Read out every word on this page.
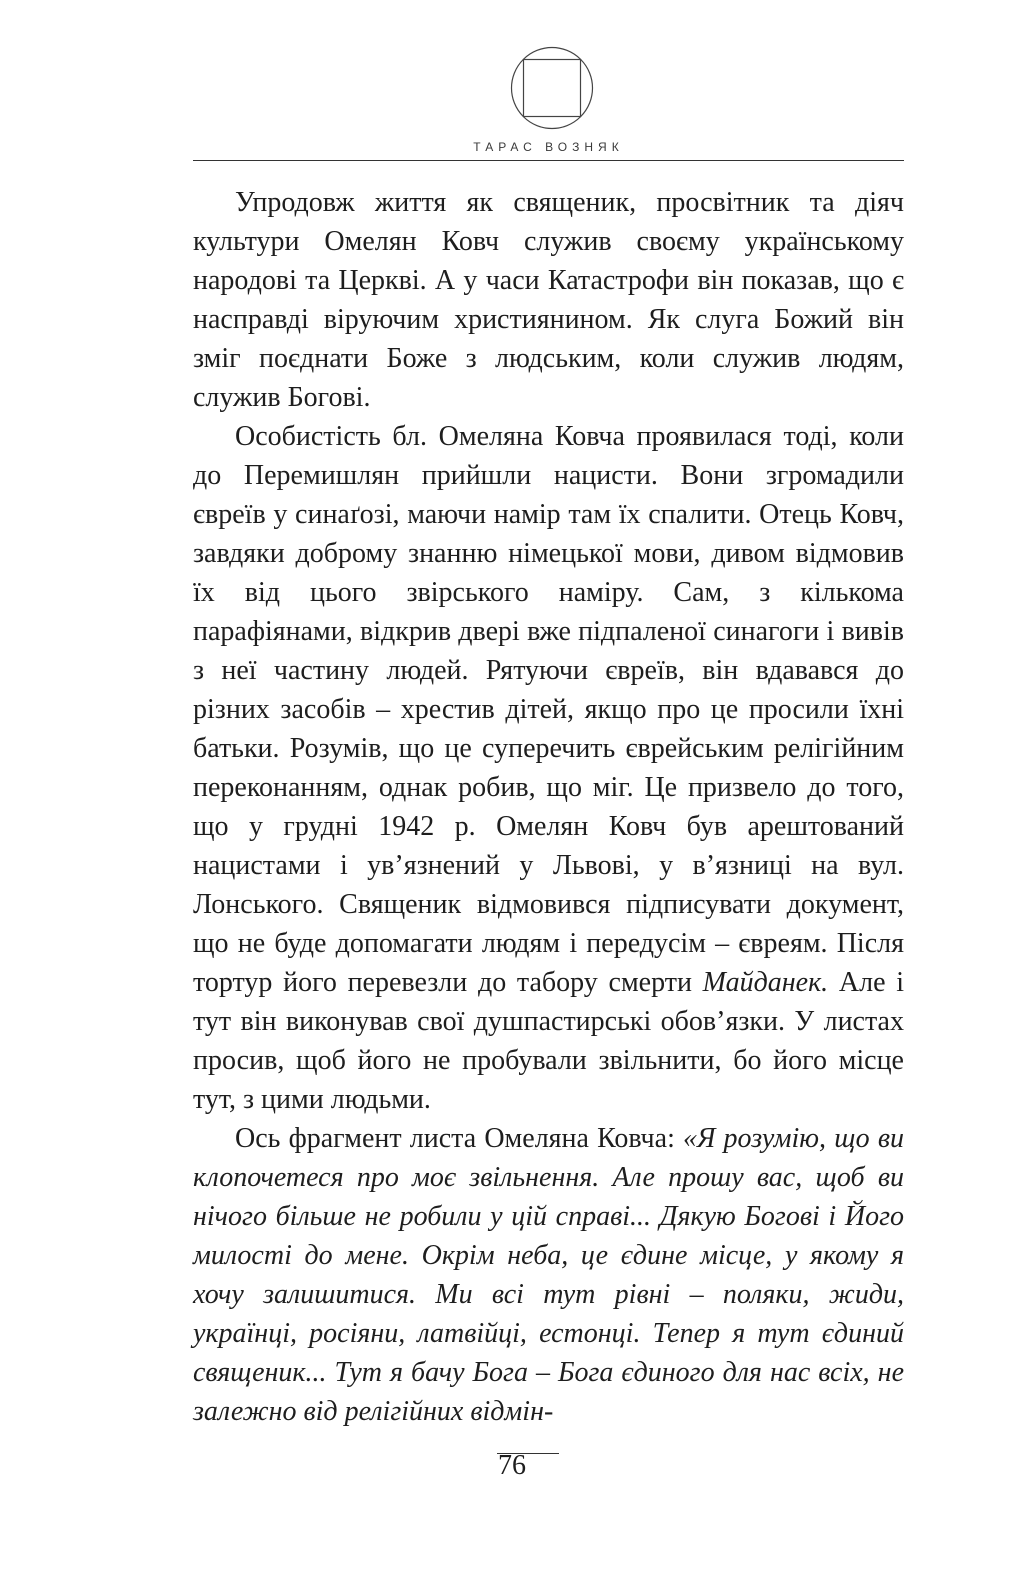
ТАРАС ВОЗНЯК

Упродовж життя як священик, просвітник та діяч культури Омелян Ковч служив своєму українському народові та Церкві. А у часи Катастрофи він показав, що є насправді віруючим християнином. Як слуга Божий він зміг поєднати Боже з людським, коли служив людям, служив Богові.

Особистість бл. Омеляна Ковча проявилася тоді, коли до Перемишлян прийшли нацисти. Вони згромадили євреїв у синаґозі, маючи намір там їх спалити. Отець Ковч, завдяки доброму знанню німецької мови, дивом відмовив їх від цього звірського наміру. Сам, з кількома парафіянами, відкрив двері вже підпаленої синагоги і вивів з неї частину людей. Рятуючи євреїв, він вдавався до різних засобів – хрестив дітей, якщо про це просили їхні батьки. Розумів, що це суперечить єврейським релігійним переконанням, однак робив, що міг. Це призвело до того, що у грудні 1942 р. Омелян Ковч був арештований нацистами і ув’язнений у Львові, у в’язниці на вул. Лонського. Священик відмовився підписувати документ, що не буде допомагати людям і передусім – євреям. Після тортур його перевезли до табору смерти Майданек. Але і тут він виконував свої душпастирські обов’язки. У листах просив, щоб його не пробували звільнити, бо його місце тут, з цими людьми.

Ось фрагмент листа Омеляна Ковча: «Я розумію, що ви клопочетеся про моє звільнення. Але прошу вас, щоб ви нічого більше не робили у цій справі... Дякую Богові і Його милості до мене. Окрім неба, це єдине місце, у якому я хочу залишитися. Ми всі тут рівні – поляки, жиди, українці, росіяни, латвійці, естонці. Тепер я тут єдиний священик... Тут я бачу Бога – Бога єдиного для нас всіх, не залежно від релігійних відмін-

76
